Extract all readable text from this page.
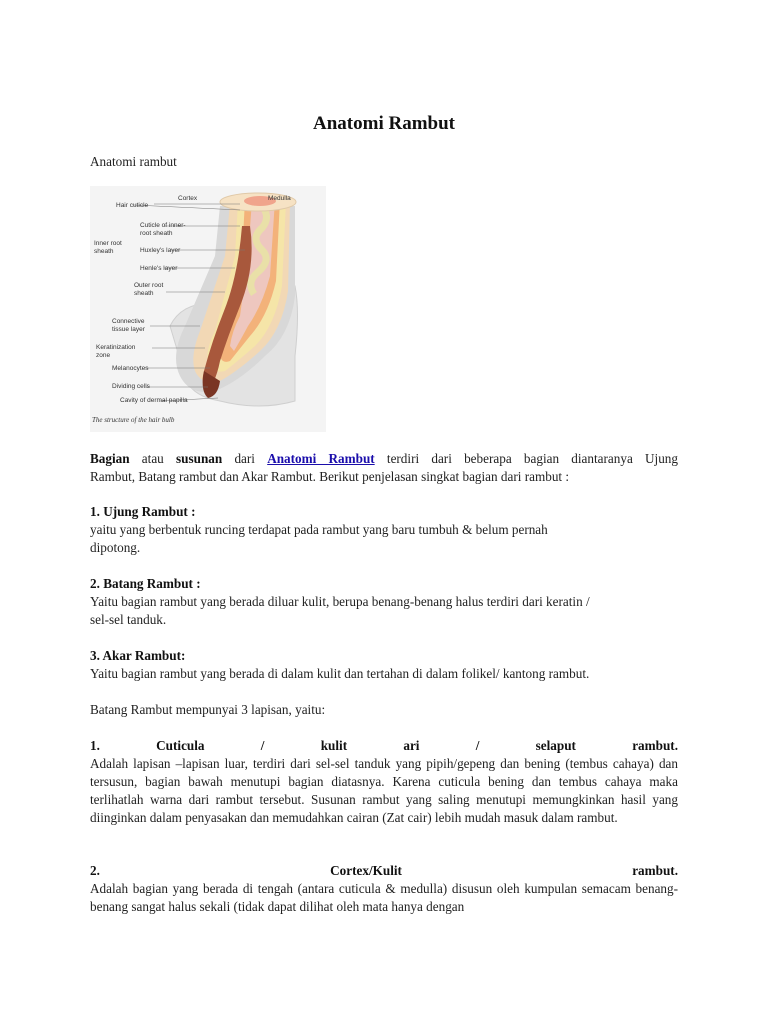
Anatomi Rambut
Anatomi rambut
Cortex	Medulla
Hair cuticle
Cuticle of inner-
root sheath
Inner root
sheath	Huxley's layer
Henle's layer
Outer root
sheath
Connective
tissue layer
Keratinization
zone
Melanocytes
Dividing cells
Cavity of dermal papilla
The structure of the hair bulb

Bagian atau susunan dari Anatomi Rambut terdiri dari beberapa bagian diantaranya Ujung

Rambut, Batang rambut dan Akar Rambut. Berikut penjelasan singkat bagian dari rambut :

1. Ujung Rambut :

yaitu yang berbentuk runcing terdapat pada rambut yang baru tumbuh & belum pernah

dipotong.

2. Batang Rambut :

Yaitu bagian rambut yang berada diluar kulit, berupa benang-benang halus terdiri dari keratin /

sel-sel tanduk.

3. Akar Rambut:

Yaitu bagian rambut yang berada di dalam kulit dan tertahan di dalam folikel/ kantong rambut.

Batang Rambut mempunyai 3 lapisan, yaitu:

1. Cuticula / kulit ari / selaput rambut.

Adalah lapisan –lapisan luar, terdiri dari sel-sel tanduk yang pipih/gepeng dan bening (tembus cahaya) dan tersusun, bagian bawah menutupi bagian diatasnya. Karena cuticula bening dan tembus cahaya maka terlihatlah warna dari rambut tersebut. Susunan rambut yang saling menutupi memungkinkan hasil yang diinginkan dalam penyasakan dan memudahkan cairan (Zat cair) lebih mudah masuk dalam rambut.

2. Cortex/Kulit rambut.

Adalah bagian yang berada di tengah (antara cuticula & medulla) disusun oleh kumpulan semacam benang-benang sangat halus sekali (tidak dapat dilihat oleh mata hanya dengan
